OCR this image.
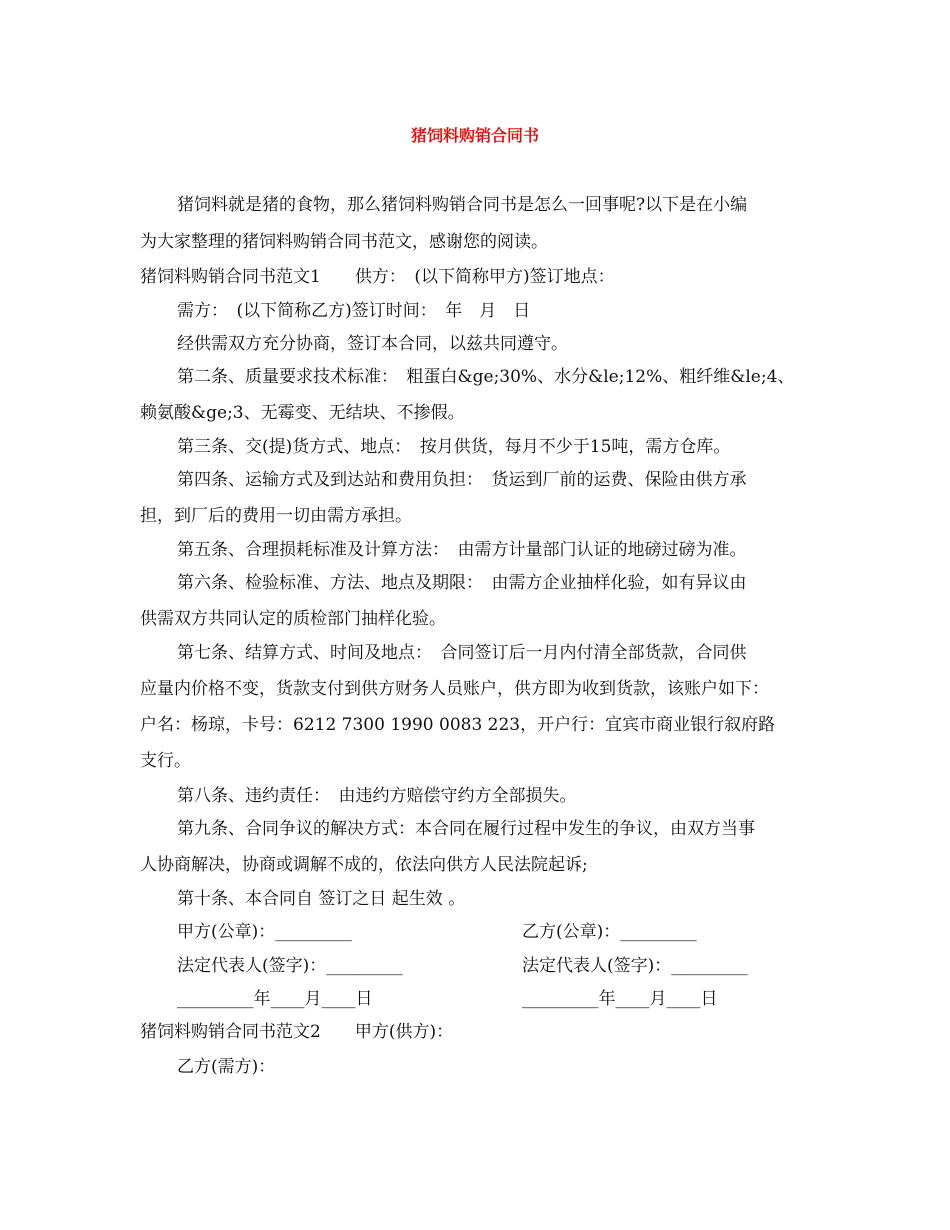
猪饲料购销合同书
猪饲料就是猪的食物，那么猪饲料购销合同书是怎么一回事呢?以下是在小编
为大家整理的猪饲料购销合同书范文，感谢您的阅读。
猪饲料购销合同书范文1　　供方：　(以下简称甲方)签订地点：
需方：　(以下简称乙方)签订时间：　年　月　日
经供需双方充分协商，签订本合同，以兹共同遵守。
第二条、质量要求技术标准：　粗蛋白&ge;30%、水分&le;12%、粗纤维&le;4、
赖氨酸&ge;3、无霉变、无结块、不掺假。
第三条、交(提)货方式、地点：　按月供货，每月不少于15吨，需方仓库。
第四条、运输方式及到达站和费用负担：　货运到厂前的运费、保险由供方承
担，到厂后的费用一切由需方承担。
第五条、合理损耗标准及计算方法：　由需方计量部门认证的地磅过磅为准。
第六条、检验标准、方法、地点及期限：　由需方企业抽样化验，如有异议由
供需双方共同认定的质检部门抽样化验。
第七条、结算方式、时间及地点：　合同签订后一月内付清全部货款，合同供
应量内价格不变，货款支付到供方财务人员账户，供方即为收到货款，该账户如下：
户名：杨琼，卡号：6212 7300 1990 0083 223，开户行：宜宾市商业银行叙府路
支行。
第八条、违约责任：　由违约方赔偿守约方全部损失。
第九条、合同争议的解决方式：本合同在履行过程中发生的争议，由双方当事
人协商解决，协商或调解不成的，依法向供方人民法院起诉;
第十条、本合同自 签订之日 起生效 。
甲方(公章)：_________	乙方(公章)：_________
法定代表人(签字)：_________	法定代表人(签字)：_________
_________年____月____日	_________年____月____日
猪饲料购销合同书范文2　　甲方(供方)：
乙方(需方)：
